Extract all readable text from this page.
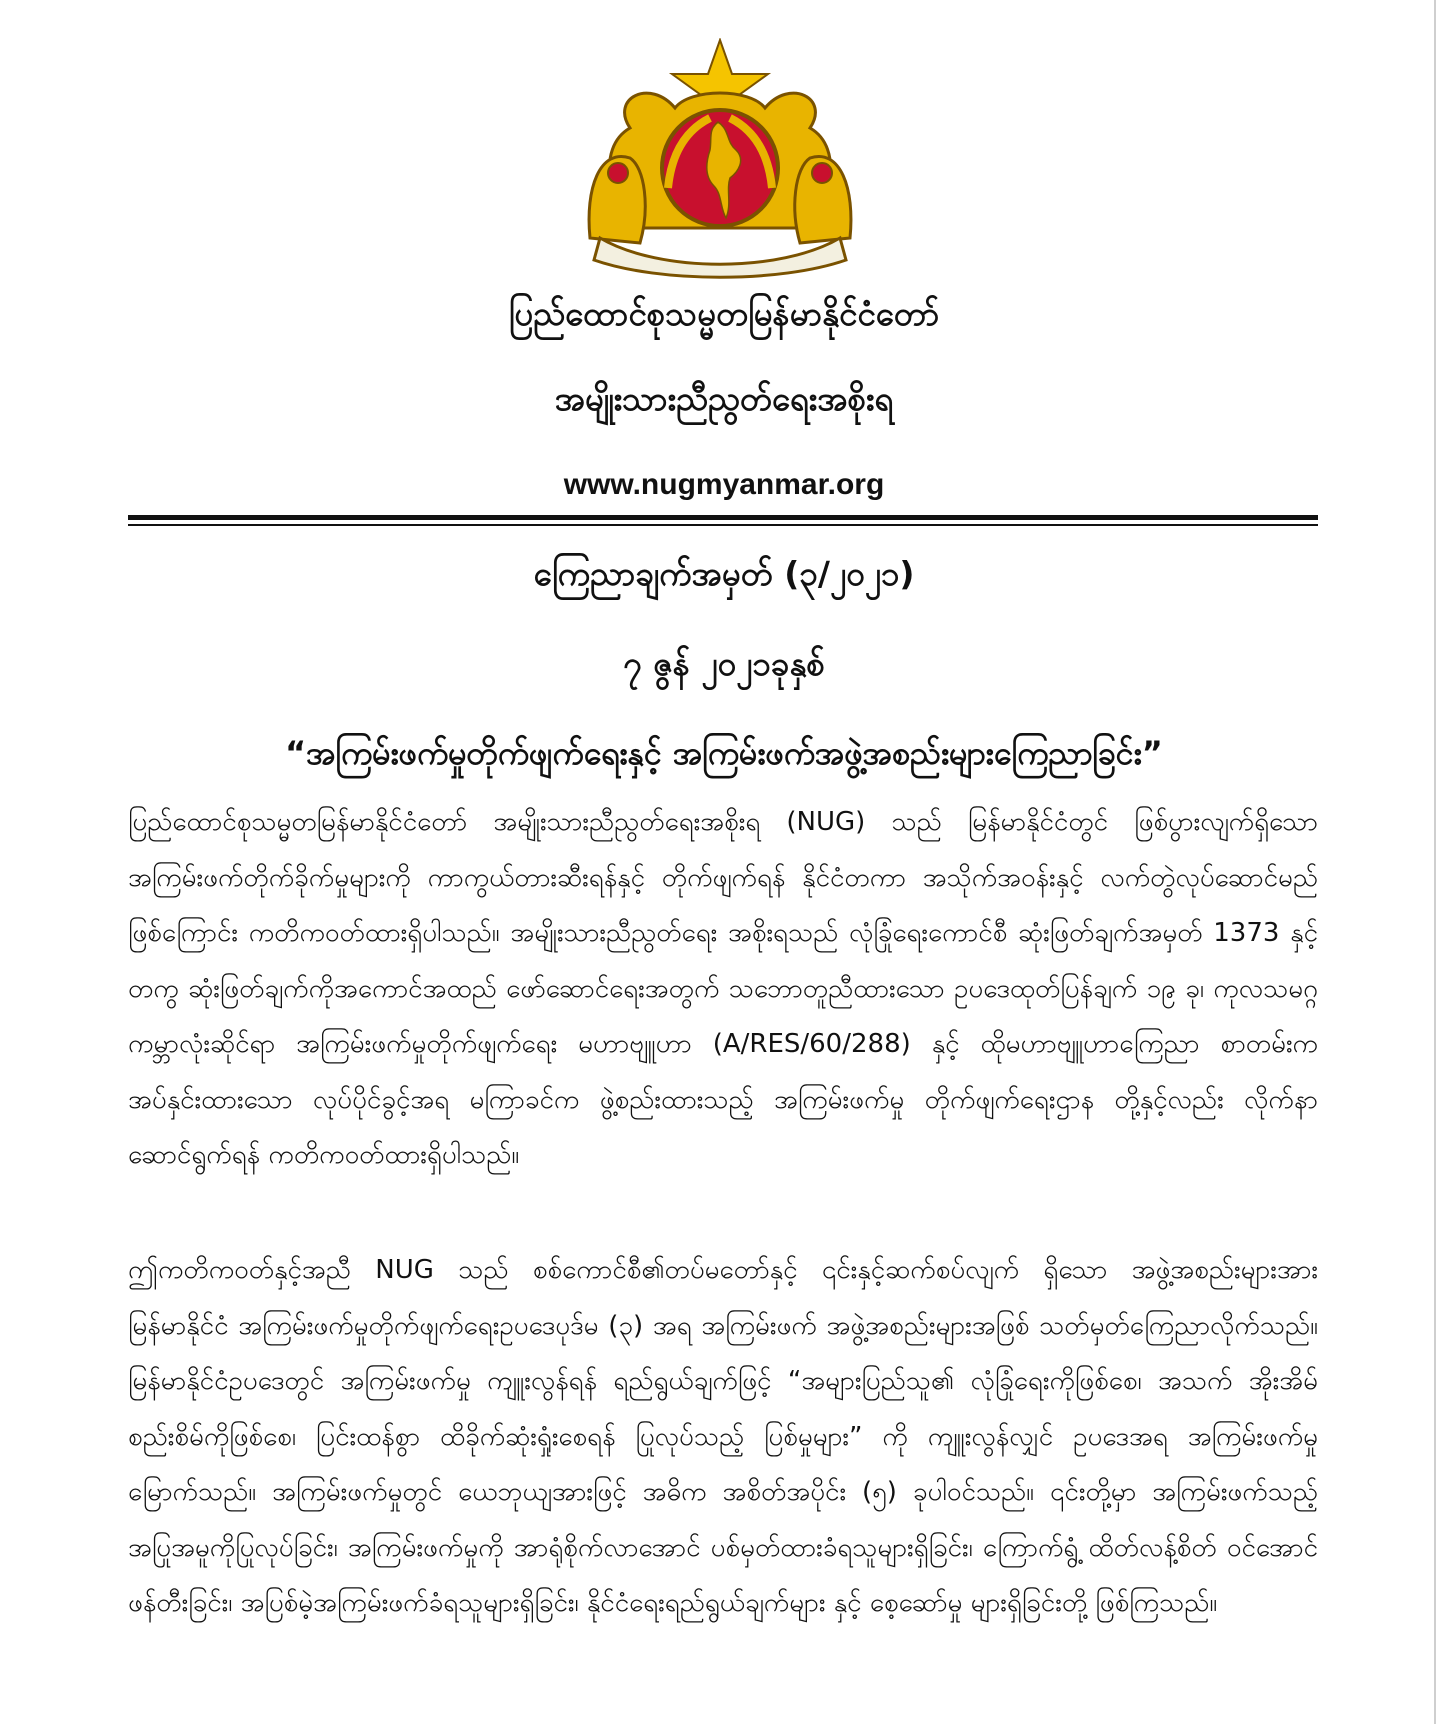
ပြည်ထောင်စုသမ္မတမြန်မာနိုင်ငံတော်
အမျိုးသားညီညွတ်ရေးအစိုးရ
www.nugmyanmar.org
ကြေညာချက်အမှတ် (၃/၂၀၂၁)
၇ ဇွန် ၂၀၂၁ခုနှစ်
“အကြမ်းဖက်မှုတိုက်ဖျက်ရေးနှင့် အကြမ်းဖက်အဖွဲ့အစည်းများကြေညာခြင်း”

ပြည်ထောင်စုသမ္မတမြန်မာနိုင်ငံတော် အမျိုးသားညီညွတ်ရေးအစိုးရ (NUG) သည် မြန်မာနိုင်ငံတွင် ဖြစ်ပွားလျက်ရှိသော အကြမ်းဖက်တိုက်ခိုက်မှုများကို ကာကွယ်တားဆီးရန်နှင့် တိုက်ဖျက်ရန် နိုင်ငံတကာ အသိုက်အဝန်းနှင့် လက်တွဲလုပ်ဆောင်မည်ဖြစ်ကြောင်း ကတိကဝတ်ထားရှိပါသည်။ အမျိုးသားညီညွတ်ရေး အစိုးရသည် လုံခြုံရေးကောင်စီ ဆုံးဖြတ်ချက်အမှတ် 1373 နှင့်တကွ ဆုံးဖြတ်ချက်ကိုအကောင်အထည် ဖော်ဆောင်ရေးအတွက် သဘောတူညီထားသော ဥပဒေထုတ်ပြန်ချက် ၁၉ ခု၊ ကုလသမဂ္ဂ ကမ္ဘာလုံးဆိုင်ရာ အကြမ်းဖက်မှုတိုက်ဖျက်ရေး မဟာဗျူဟာ (A/RES/60/288) နှင့် ထိုမဟာဗျူဟာကြေညာ စာတမ်းက အပ်နှင်းထားသော လုပ်ပိုင်ခွင့်အရ မကြာခင်က ဖွဲ့စည်းထားသည့် အကြမ်းဖက်မှု တိုက်ဖျက်ရေးဌာန တို့နှင့်လည်း လိုက်နာဆောင်ရွက်ရန် ကတိကဝတ်ထားရှိပါသည်။

ဤကတိကဝတ်နှင့်အညီ NUG သည် စစ်ကောင်စီ၏တပ်မတော်နှင့် ၎င်းနှင့်ဆက်စပ်လျက် ရှိသော အဖွဲ့အစည်းများအား မြန်မာနိုင်ငံ အကြမ်းဖက်မှုတိုက်ဖျက်ရေးဥပဒေပုဒ်မ (၃) အရ အကြမ်းဖက် အဖွဲ့အစည်းများအဖြစ် သတ်မှတ်ကြေညာလိုက်သည်။ မြန်မာနိုင်ငံဥပဒေတွင် အကြမ်းဖက်မှု ကျူးလွန်ရန် ရည်ရွယ်ချက်ဖြင့် “အများပြည်သူ၏ လုံခြုံရေးကိုဖြစ်စေ၊ အသက် အိုးအိမ်စည်းစိမ်ကိုဖြစ်စေ၊ ပြင်းထန်စွာ ထိခိုက်ဆုံးရှုံးစေရန် ပြုလုပ်သည့် ပြစ်မှုများ” ကို ကျူးလွန်လျှင် ဥပဒေအရ အကြမ်းဖက်မှုမြောက်သည်။ အကြမ်းဖက်မှုတွင် ယေဘုယျအားဖြင့် အဓိက အစိတ်အပိုင်း (၅) ခုပါဝင်သည်။ ၎င်းတို့မှာ အကြမ်းဖက်သည့် အပြုအမူကိုပြုလုပ်ခြင်း၊ အကြမ်းဖက်မှုကို အာရုံစိုက်လာအောင် ပစ်မှတ်ထားခံရသူများရှိခြင်း၊ ကြောက်ရွံ့ ထိတ်လန့်စိတ် ဝင်အောင် ဖန်တီးခြင်း၊ အပြစ်မဲ့အကြမ်းဖက်ခံရသူများရှိခြင်း၊ နိုင်ငံရေးရည်ရွယ်ချက်များ နှင့် စေ့ဆော်မှု များရှိခြင်းတို့ ဖြစ်ကြသည်။
